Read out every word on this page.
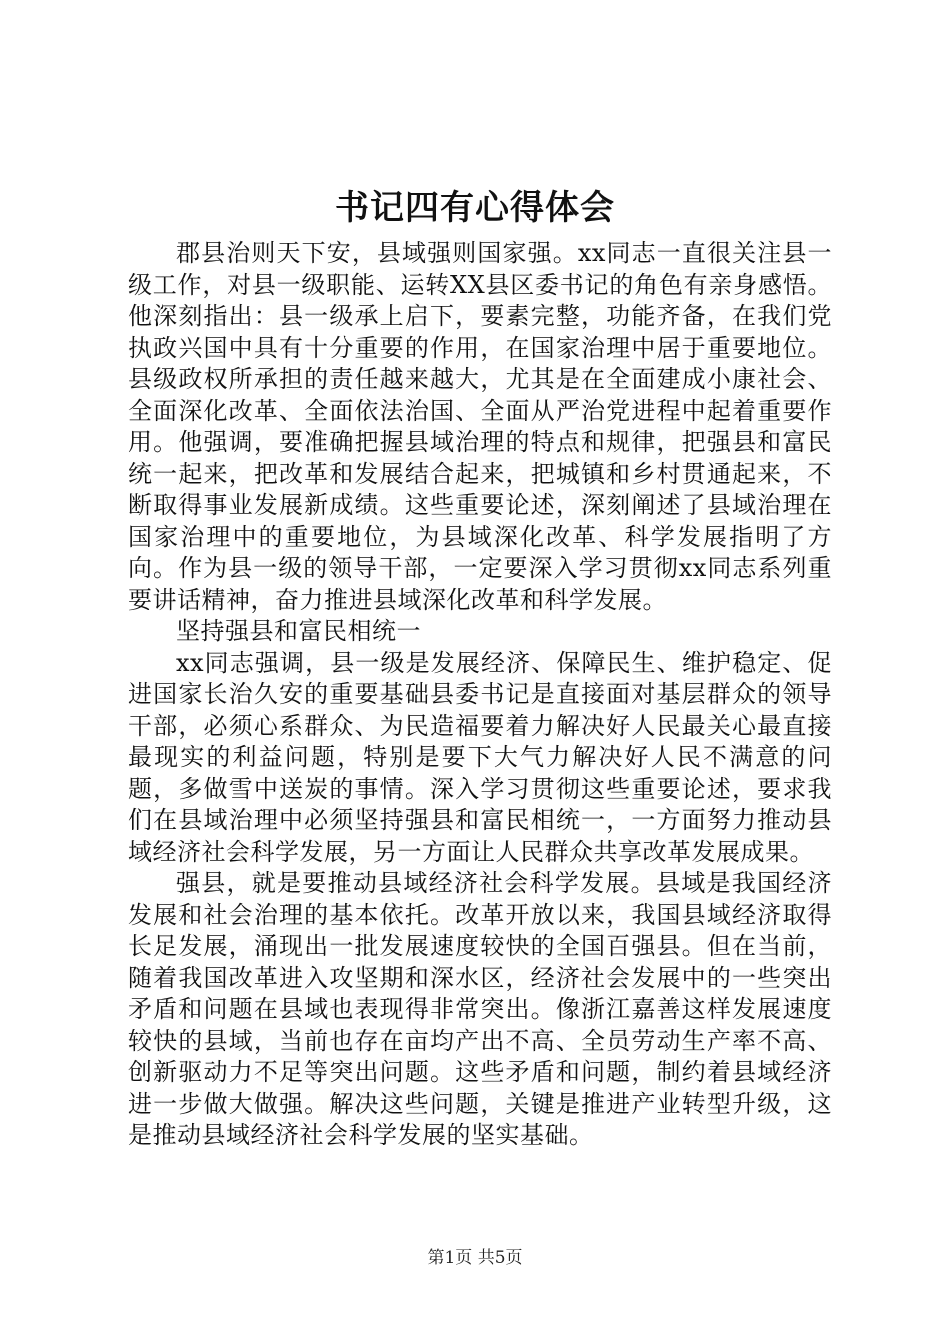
书记四有心得体会

郡县治则天下安，县域强则国家强。xx同志一直很关注县一级工作，对县一级职能、运转XX县区委书记的角色有亲身感悟。他深刻指出：县一级承上启下，要素完整，功能齐备，在我们党执政兴国中具有十分重要的作用，在国家治理中居于重要地位。县级政权所承担的责任越来越大，尤其是在全面建成小康社会、全面深化改革、全面依法治国、全面从严治党进程中起着重要作用。他强调，要准确把握县域治理的特点和规律，把强县和富民统一起来，把改革和发展结合起来，把城镇和乡村贯通起来，不断取得事业发展新成绩。这些重要论述，深刻阐述了县域治理在国家治理中的重要地位，为县域深化改革、科学发展指明了方向。作为县一级的领导干部，一定要深入学习贯彻xx同志系列重要讲话精神，奋力推进县域深化改革和科学发展。

坚持强县和富民相统一

xx同志强调，县一级是发展经济、保障民生、维护稳定、促进国家长治久安的重要基础县委书记是直接面对基层群众的领导干部，必须心系群众、为民造福要着力解决好人民最关心最直接最现实的利益问题，特别是要下大气力解决好人民不满意的问题，多做雪中送炭的事情。深入学习贯彻这些重要论述，要求我们在县域治理中必须坚持强县和富民相统一，一方面努力推动县域经济社会科学发展，另一方面让人民群众共享改革发展成果。

强县，就是要推动县域经济社会科学发展。县域是我国经济发展和社会治理的基本依托。改革开放以来，我国县域经济取得长足发展，涌现出一批发展速度较快的全国百强县。但在当前，随着我国改革进入攻坚期和深水区，经济社会发展中的一些突出矛盾和问题在县域也表现得非常突出。像浙江嘉善这样发展速度较快的县域，当前也存在亩均产出不高、全员劳动生产率不高、创新驱动力不足等突出问题。这些矛盾和问题，制约着县域经济进一步做大做强。解决这些问题，关键是推进产业转型升级，这是推动县域经济社会科学发展的坚实基础。

第1页 共5页
